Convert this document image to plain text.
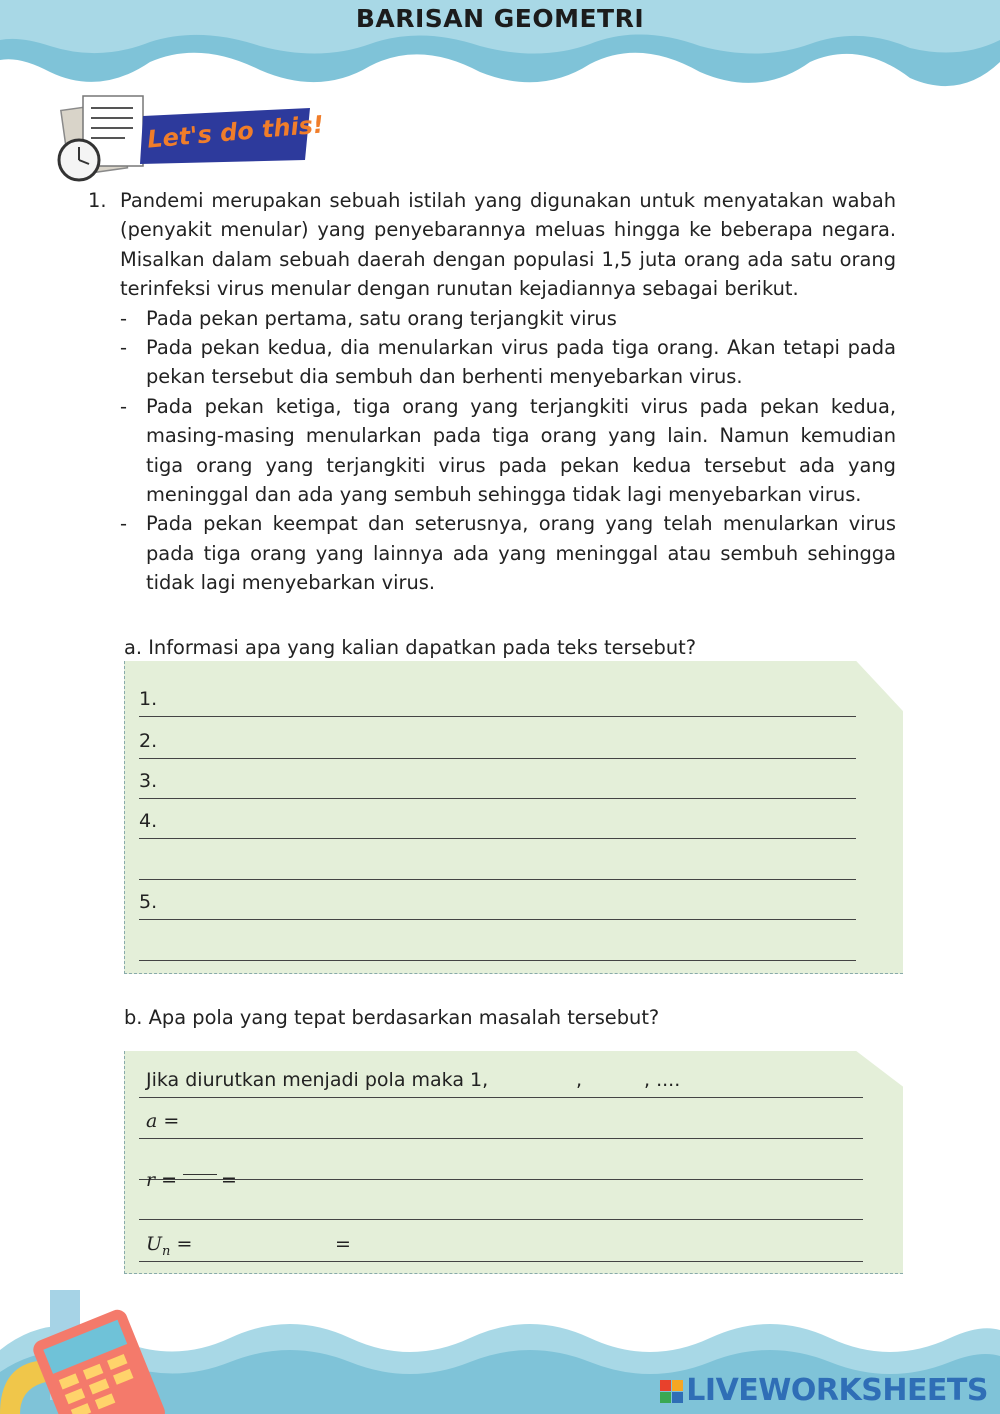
BARISAN GEOMETRI
Let's do this!
1. Pandemi merupakan sebuah istilah yang digunakan untuk menyatakan wabah (penyakit menular) yang penyebarannya meluas hingga ke beberapa negara. Misalkan dalam sebuah daerah dengan populasi 1,5 juta orang ada satu orang terinfeksi virus menular dengan runutan kejadiannya sebagai berikut.
- Pada pekan pertama, satu orang terjangkit virus
- Pada pekan kedua, dia menularkan virus pada tiga orang. Akan tetapi pada pekan tersebut dia sembuh dan berhenti menyebarkan virus.
- Pada pekan ketiga, tiga orang yang terjangkiti virus pada pekan kedua, masing-masing menularkan pada tiga orang yang lain. Namun kemudian tiga orang yang terjangkiti virus pada pekan kedua tersebut ada yang meninggal dan ada yang sembuh sehingga tidak lagi menyebarkan virus.
- Pada pekan keempat dan seterusnya, orang yang telah menularkan virus pada tiga orang yang lainnya ada yang meninggal atau sembuh sehingga tidak lagi menyebarkan virus.
a. Informasi apa yang kalian dapatkan pada teks tersebut?
1.
2.
3.
4.
5.
b. Apa pola yang tepat berdasarkan masalah tersebut?
Jika diurutkan menjadi pola maka 1,	,	, ....
a =
r = =
$U_n$ =	=
LIVEWORKSHEETS
